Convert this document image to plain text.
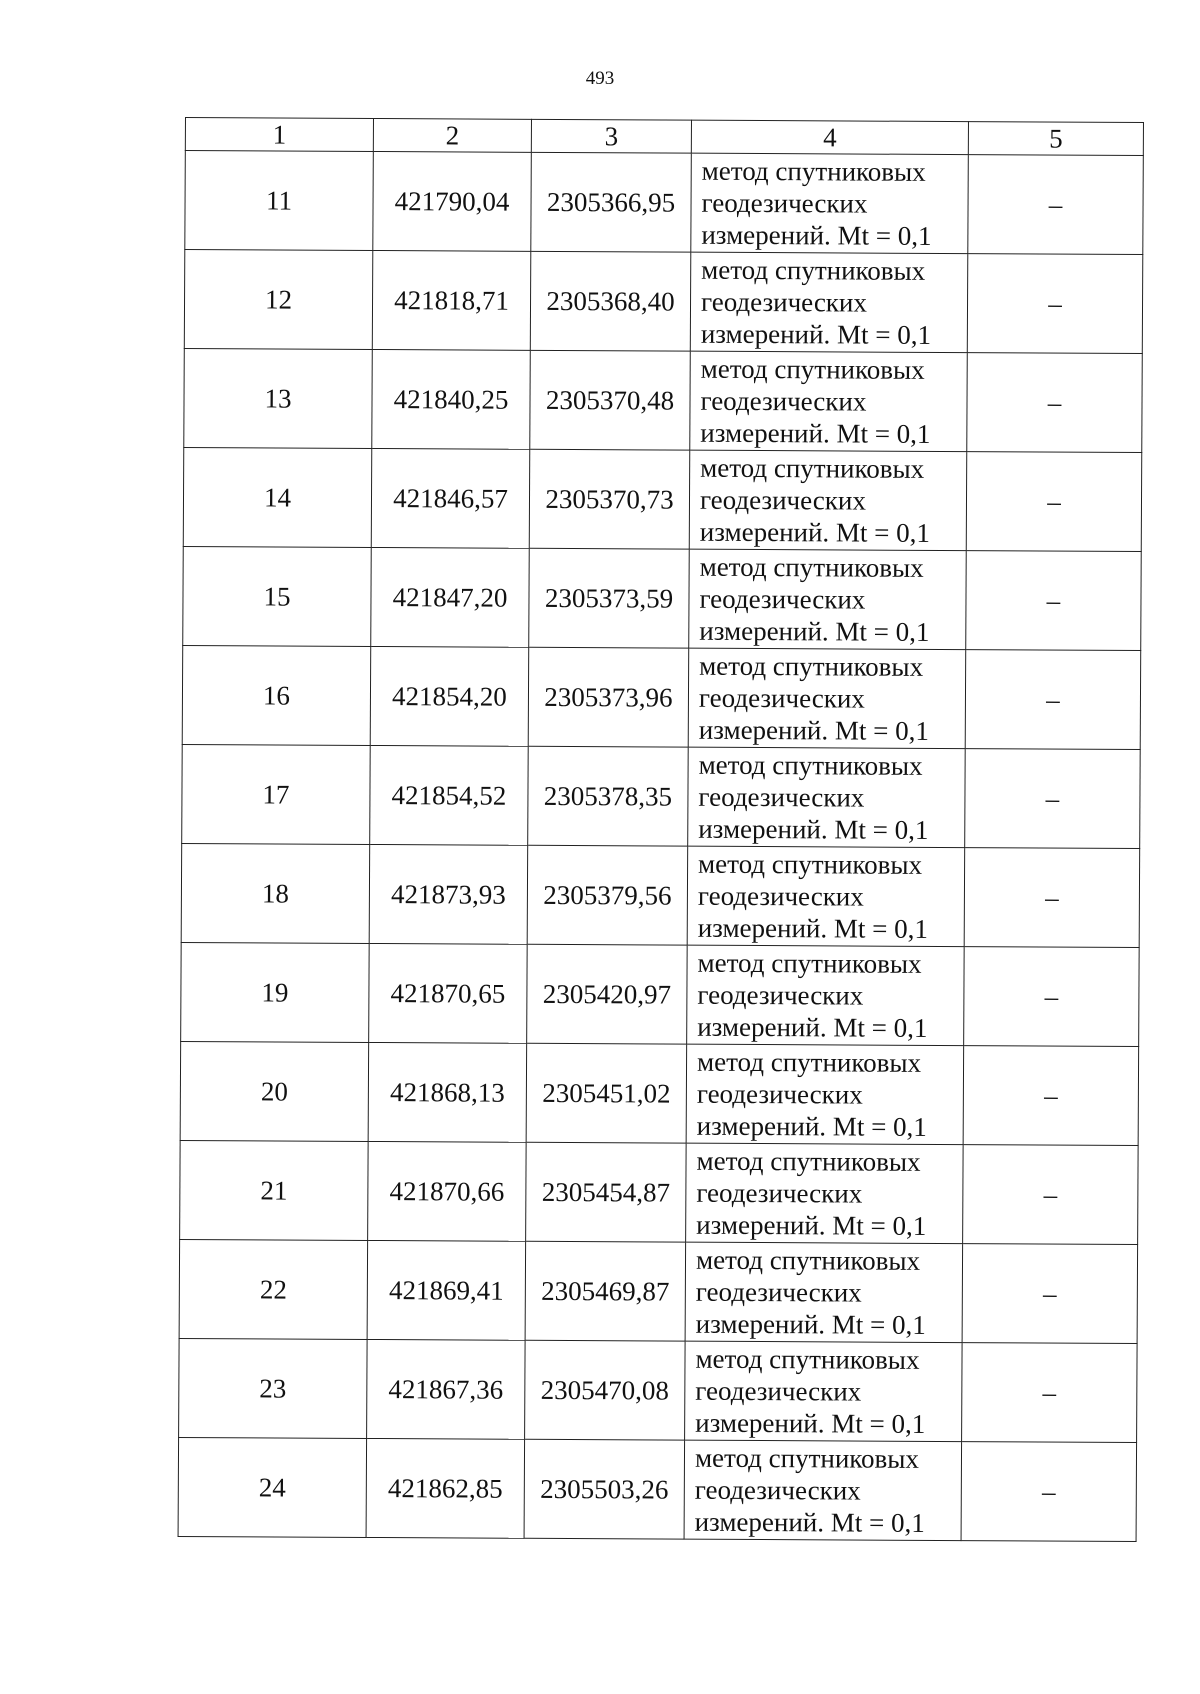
493
1	2	3	4	5
11	421790,04	2305366,95	метод спутниковых
геодезических
измерений. Mt = 0,1	–
12	421818,71	2305368,40	метод спутниковых
геодезических
измерений. Mt = 0,1	–
13	421840,25	2305370,48	метод спутниковых
геодезических
измерений. Mt = 0,1	–
14	421846,57	2305370,73	метод спутниковых
геодезических
измерений. Mt = 0,1	–
15	421847,20	2305373,59	метод спутниковых
геодезических
измерений. Mt = 0,1	–
16	421854,20	2305373,96	метод спутниковых
геодезических
измерений. Mt = 0,1	–
17	421854,52	2305378,35	метод спутниковых
геодезических
измерений. Mt = 0,1	–
18	421873,93	2305379,56	метод спутниковых
геодезических
измерений. Mt = 0,1	–
19	421870,65	2305420,97	метод спутниковых
геодезических
измерений. Mt = 0,1	–
20	421868,13	2305451,02	метод спутниковых
геодезических
измерений. Mt = 0,1	–
21	421870,66	2305454,87	метод спутниковых
геодезических
измерений. Mt = 0,1	–
22	421869,41	2305469,87	метод спутниковых
геодезических
измерений. Mt = 0,1	–
23	421867,36	2305470,08	метод спутниковых
геодезических
измерений. Mt = 0,1	–
24	421862,85	2305503,26	метод спутниковых
геодезических
измерений. Mt = 0,1	–
